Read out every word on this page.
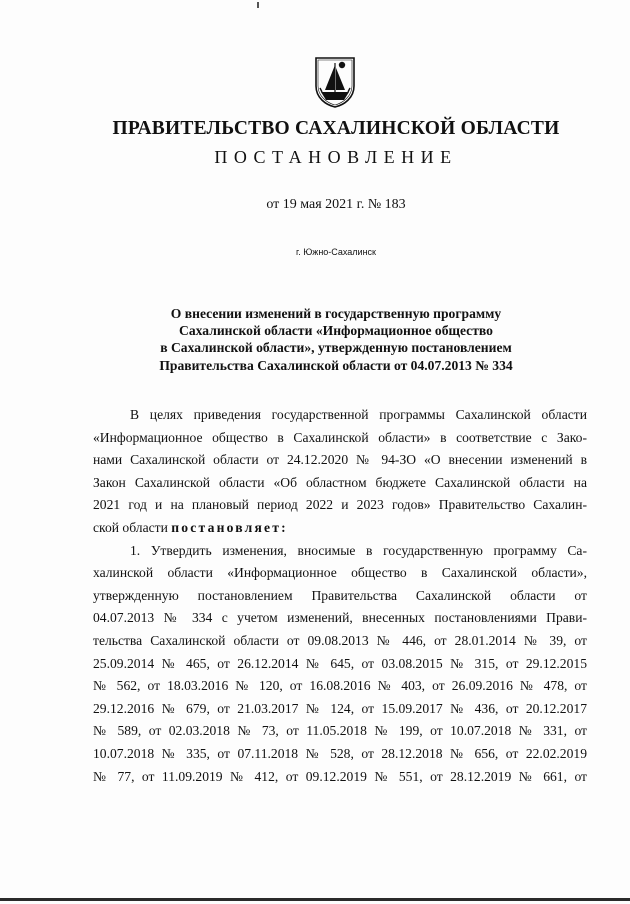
ПРАВИТЕЛЬСТВО САХАЛИНСКОЙ ОБЛАСТИ
ПОСТАНОВЛЕНИЕ
от 19 мая 2021 г. № 183
г. Южно-Сахалинск
О внесении изменений в государственную программу
Сахалинской области «Информационное общество
в Сахалинской области», утвержденную постановлением
Правительства Сахалинской области от 04.07.2013 № 334
В целях приведения государственной программы Сахалинской области
«Информационное общество в Сахалинской области» в соответствие с Зако-
нами Сахалинской области от 24.12.2020 № 94-ЗО «О внесении изменений в
Закон Сахалинской области «Об областном бюджете Сахалинской области на
2021 год и на плановый период 2022 и 2023 годов» Правительство Сахалин-
ской области постановляет:
1. Утвердить изменения, вносимые в государственную программу Са-
халинской области «Информационное общество в Сахалинской области»,
утвержденную постановлением Правительства Сахалинской области от
04.07.2013 № 334 с учетом изменений, внесенных постановлениями Прави-
тельства Сахалинской области от 09.08.2013 № 446, от 28.01.2014 № 39, от
25.09.2014 № 465, от 26.12.2014 № 645, от 03.08.2015 № 315, от 29.12.2015
№ 562, от 18.03.2016 № 120, от 16.08.2016 № 403, от 26.09.2016 № 478, от
29.12.2016 № 679, от 21.03.2017 № 124, от 15.09.2017 № 436, от 20.12.2017
№ 589, от 02.03.2018 № 73, от 11.05.2018 № 199, от 10.07.2018 № 331, от
10.07.2018 № 335, от 07.11.2018 № 528, от 28.12.2018 № 656, от 22.02.2019
№ 77, от 11.09.2019 № 412, от 09.12.2019 № 551, от 28.12.2019 № 661, от
